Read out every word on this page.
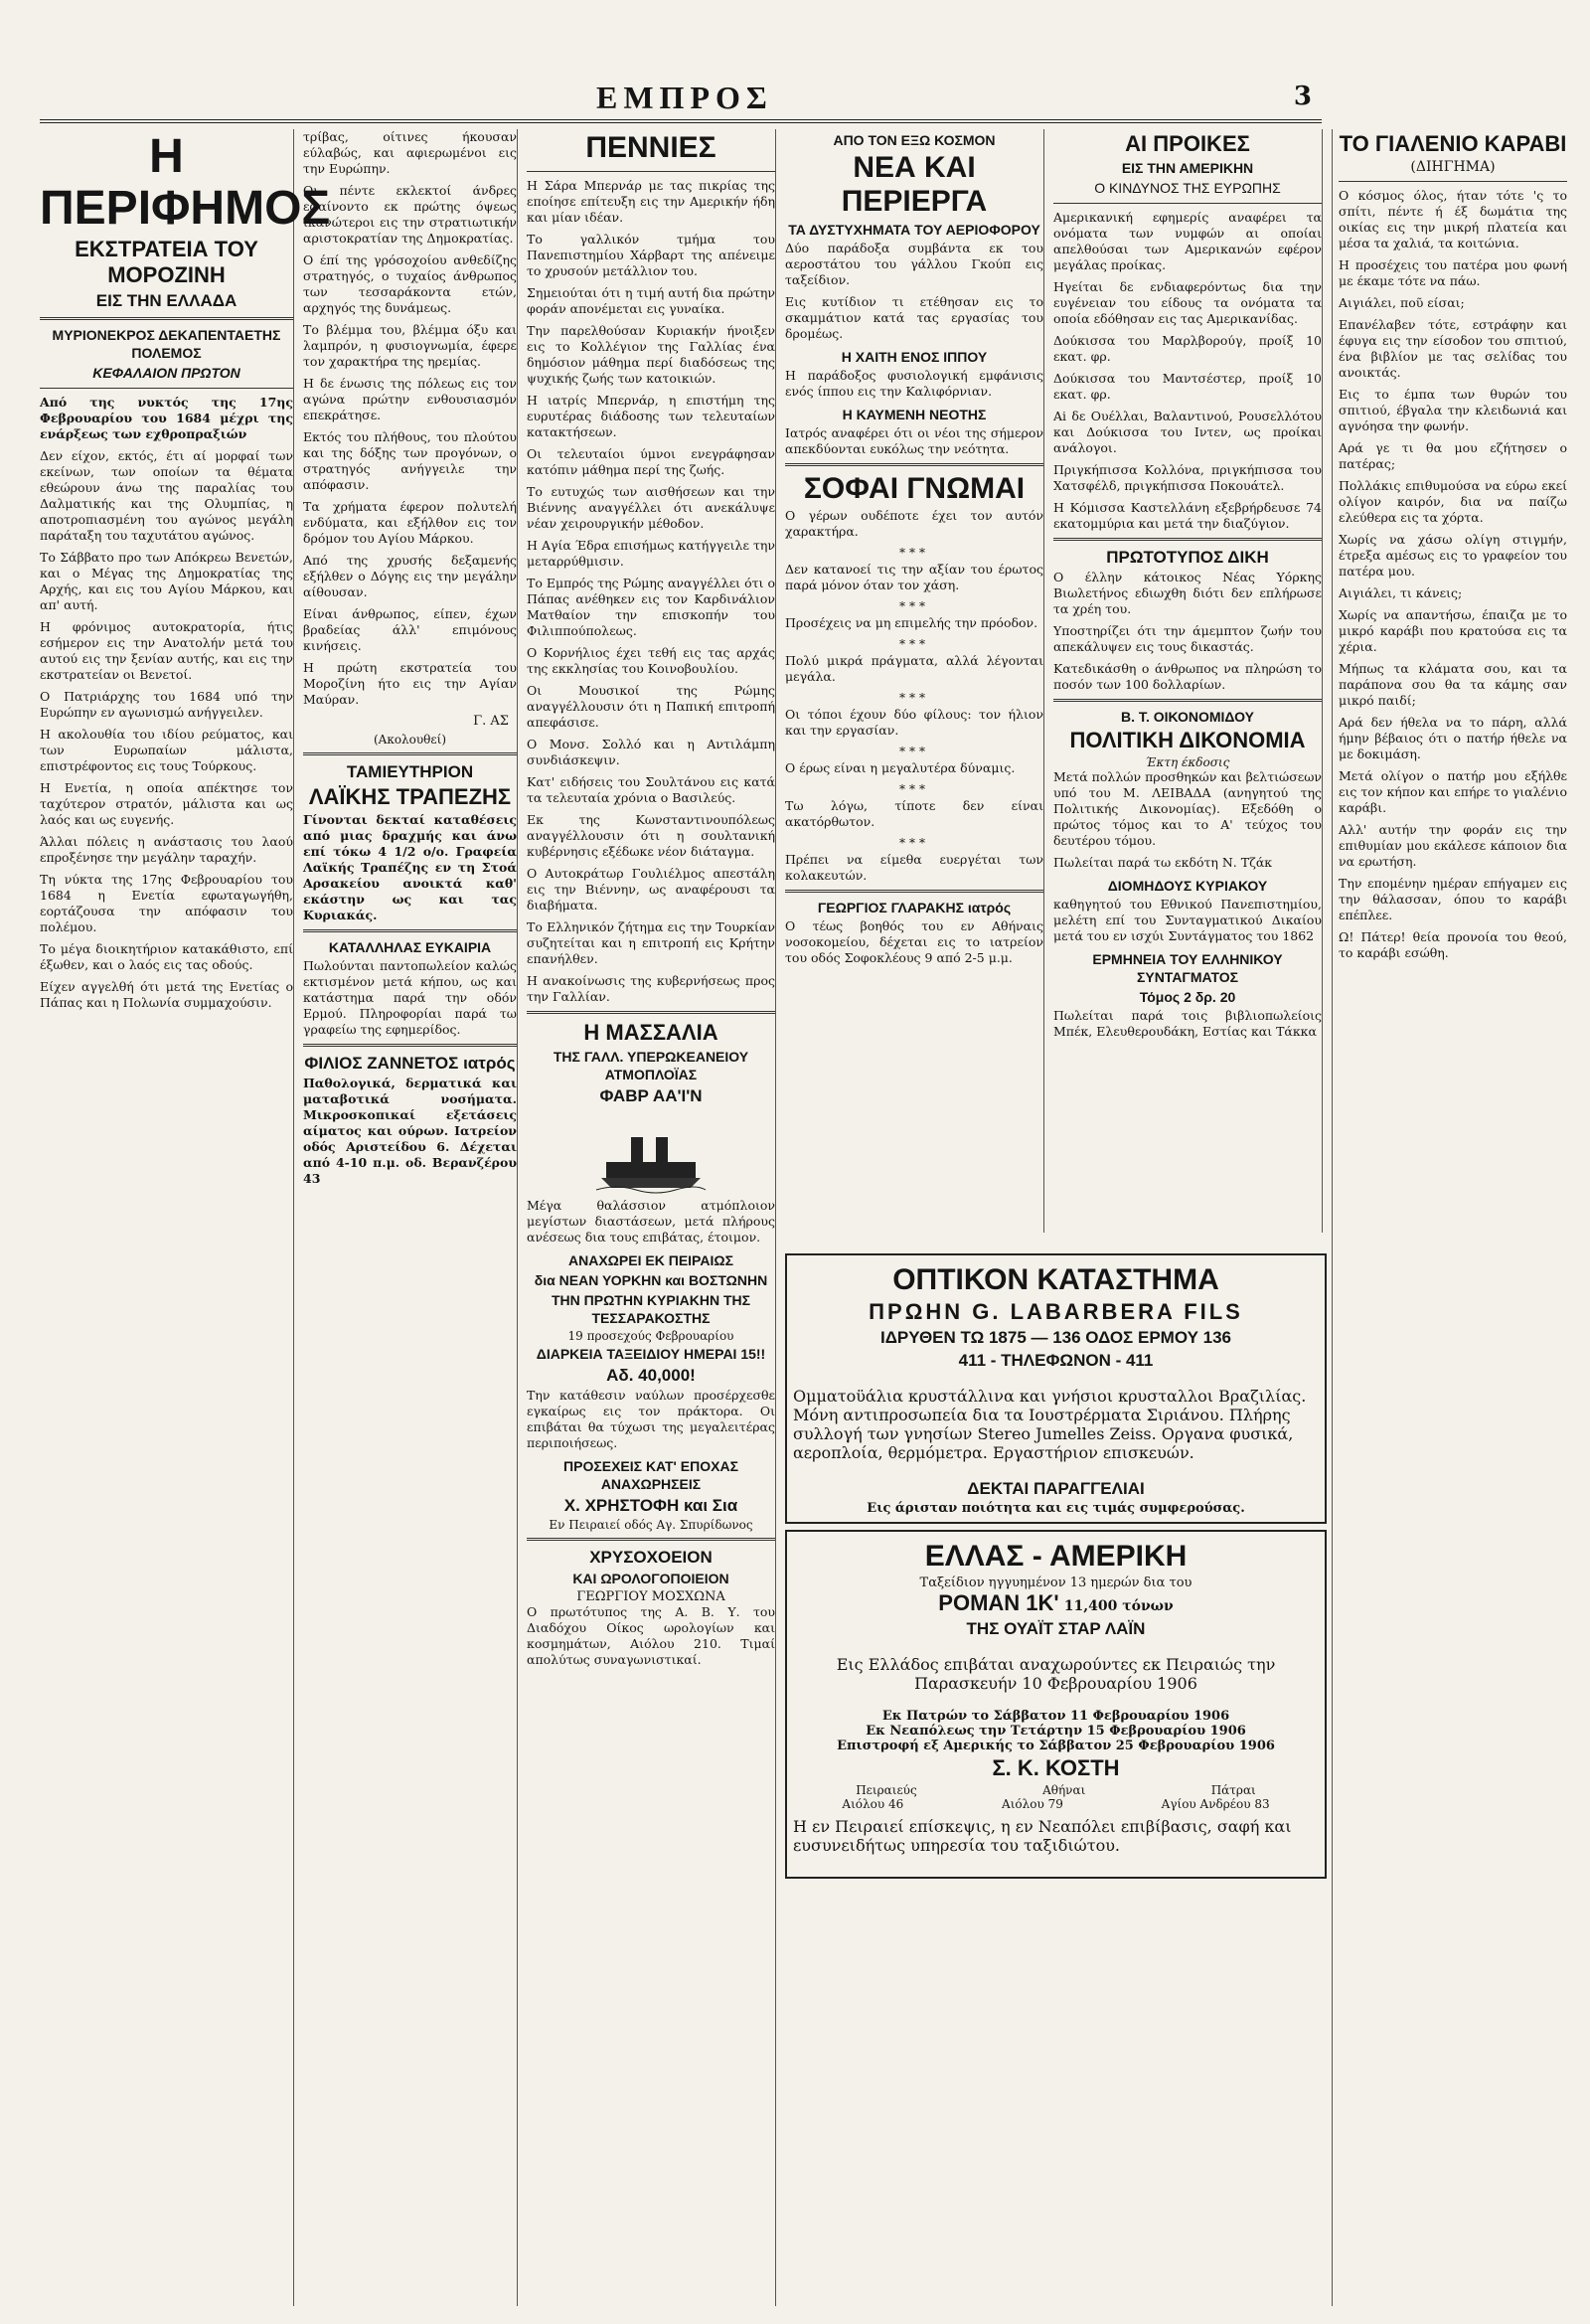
ΕΜΠΡΟΣ	3
Η ΠΕΡΙΦΗΜΟΣ
ΕΚΣΤΡΑΤΕΙΑ ΤΟΥ ΜΟΡΟΖΙΝΗ
ΕΙΣ ΤΗΝ ΕΛΛΑΔΑ
ΜΥΡΙΟΝΕΚΡΟΣ ΔΕΚΑΠΕΝΤΑΕΤΗΣ ΠΟΛΕΜΟΣ
ΚΕΦΑΛΑΙΟΝ ΠΡΩΤΟΝ

Από της νυκτός της 17ης Φεβρουαρίου του 1684 μέχρι της ενάρξεως των εχθροπραξιών

Δεν είχον, εκτός, έτι αί μορφαί των εκείνων, των οποίων τα θέματα εθεώρουν άνω της παραλίας του Δαλματικής και της Ολυμπίας, η αποτροπιασμένη του αγώνος μεγάλη παράταξη του ταχυτάτου αγώνος.

Το Σάββατο προ των Απόκρεω Βενετών, και ο Μέγας της Δημοκρατίας της Αρχής, και εις του Αγίου Μάρκου, και απ' αυτή.

Η φρόνιμος αυτοκρατορία, ήτις εσήμερον εις την Ανατολήν μετά του αυτού εις την ξενίαν αυτής, και εις την εκστρατείαν οι Βενετοί.

Ο Πατριάρχης του 1684 υπό την Ευρώπην εν αγωνισμώ ανήγγειλεν.

Η ακολουθία του ιδίου ρεύματος, και των Ευρωπαίων μάλιστα, επιστρέφοντος εις τους Τούρκους.

Η Ενετία, η οποία απέκτησε τον ταχύτερον στρατόν, μάλιστα και ως λαός και ως ευγενής.

Άλλαι πόλεις η ανάστασις του λαού επροξένησε την μεγάλην ταραχήν.

Τη νύκτα της 17ης Φεβρουαρίου του 1684 η Ενετία εφωταγωγήθη, εορτάζουσα την απόφασιν του πολέμου.

Το μέγα διοικητήριον κατακάθιστο, επί έξωθεν, και ο λαός εις τας οδούς.

Είχεν αγγελθή ότι μετά της Ενετίας ο Πάπας και η Πολωνία συμμαχούσιν.

τρίβας, οίτινες ήκουσαν εύλαβώς, και αφιερωμένοι εις την Ευρώπην.

Οι πέντε εκλεκτοί άνδρες εφαίνοντο εκ πρώτης όψεως ικανώτεροι εις την στρατιωτικήν αριστοκρατίαν της Δημοκρατίας.

Ο έπί της γρόσοχοίου ανθεδίζης στρατηγός, ο τυχαίος άνθρωπος των τεσσαράκοντα ετών, αρχηγός της δυνάμεως.

Το βλέμμα του, βλέμμα όξυ και λαμπρόν, η φυσιογνωμία, έφερε τον χαρακτήρα της ηρεμίας.

Η δε ένωσις της πόλεως εις τον αγώνα πρώτην ενθουσιασμόν επεκράτησε.

Εκτός του πλήθους, του πλούτου και της δόξης των προγόνων, ο στρατηγός ανήγγειλε την απόφασιν.

Τα χρήματα έφερον πολυτελή ενδύματα, και εξήλθον εις τον δρόμον του Αγίου Μάρκου.

Από της χρυσής δεξαμενής εξήλθεν ο Δόγης εις την μεγάλην αίθουσαν.

Είναι άνθρωπος, είπεν, έχων βραδείας άλλ' επιμόνους κινήσεις.

Η πρώτη εκστρατεία του Μοροζίνη ήτο εις την Αγίαν Μαύραν.

Γ. ΑΣ
(Ακολουθεί)
ΤΑΜΙΕΥΤΗΡΙΟΝ
ΛΑΪΚΗΣ ΤΡΑΠΕΖΗΣ

Γίνονται δεκταί καταθέσεις από μιας δραχμής και άνω επί τόκω 4 1/2 ο/ο. Γραφεία Λαϊκής Τραπέζης εν τη Στοά Αρσακείου ανοικτά καθ' εκάστην ως και τας Κυριακάς.

ΚΑΤΑΛΛΗΛΑΣ ΕΥΚΑΙΡΙΑ

Πωλούνται παντοπωλείον καλώς εκτισμένον μετά κήπου, ως και κατάστημα παρά την οδόν Ερμού. Πληροφορίαι παρά τω γραφείω της εφημερίδος.

ΦΙΛΙΟΣ ΖΑΝΝΕΤΟΣ ιατρός

Παθολογικά, δερματικά και ματαβοτικά νοσήματα. Μικροσκοπικαί εξετάσεις αίματος και ούρων. Ιατρείον οδός Αριστείδου 6. Δέχεται από 4-10 π.μ. οδ. Βερανζέρου 43

ΠΕΝΝΙΕΣ

Η Σάρα Μπερνάρ με τας πικρίας της εποίησε επίτευξη εις την Αμερικήν ήδη και μίαν ιδέαν.

Το γαλλικόν τμήμα του Πανεπιστημίου Χάρβαρτ της απένειμε το χρυσούν μετάλλιον του.

Σημειούται ότι η τιμή αυτή δια πρώτην φοράν απονέμεται εις γυναίκα.

Την παρελθούσαν Κυριακήν ήνοιξεν εις το Κολλέγιον της Γαλλίας ένα δημόσιον μάθημα περί διαδόσεως της ψυχικής ζωής των κατοικιών.

Η ιατρίς Μπερνάρ, η επιστήμη της ευρυτέρας διάδοσης των τελευταίων κατακτήσεων.

Οι τελευταίοι ύμνοι ενεγράφησαν κατόπιν μάθημα περί της ζωής.

Το ευτυχώς των αισθήσεων και την Βιέννης αναγγέλλει ότι ανεκάλυψε νέαν χειρουργικήν μέθοδον.

Η Αγία Έδρα επισήμως κατήγγειλε την μεταρρύθμισιν.

Το Εμπρός της Ρώμης αναγγέλλει ότι ο Πάπας ανέθηκεν εις τον Καρδινάλιον Ματθαίον την επισκοπήν του Φιλιππούπολεως.

Ο Κορνήλιος έχει τεθή εις τας αρχάς της εκκλησίας του Κοινοβουλίου.

Οι Μουσικοί της Ρώμης αναγγέλλουσιν ότι η Παπική επιτροπή απεφάσισε.

Ο Μονσ. Σολλό και η Αντιλάμπη συνδιάσκεψιν.

Κατ' ειδήσεις του Σουλτάνου εις κατά τα τελευταία χρόνια ο Βασιλεύς.

Εκ της Κωνσταντινουπόλεως αναγγέλλουσιν ότι η σουλτανική κυβέρνησις εξέδωκε νέον διάταγμα.

Ο Αυτοκράτωρ Γουλιέλμος απεστάλη εις την Βιέννην, ως αναφέρουσι τα διαβήματα.

Το Ελληνικόν ζήτημα εις την Τουρκίαν συζητείται και η επιτροπή εις Κρήτην επανήλθεν.

Η ανακοίνωσις της κυβερνήσεως προς την Γαλλίαν.

Η ΜΑΣΣΑΛΙΑ
ΤΗΣ ΓΑΛΛ. ΥΠΕΡΩΚΕΑΝΕΙΟΥ ΑΤΜΟΠΛΟΪΑΣ
ΦΑΒΡ ΑΑ'Ι'Ν

Μέγα θαλάσσιον ατμόπλοιον μεγίστων διαστάσεων, μετά πλήρους ανέσεως δια τους επιβάτας, έτοιμον.

ΑΝΑΧΩΡΕΙ ΕΚ ΠΕΙΡΑΙΩΣ
δια ΝΕΑΝ ΥΟΡΚΗΝ και ΒΟΣΤΩΝΗΝ
ΤΗΝ ΠΡΩΤΗΝ ΚΥΡΙΑΚΗΝ ΤΗΣ ΤΕΣΣΑΡΑΚΟΣΤΗΣ
19 προσεχούς Φεβρουαρίου
ΔΙΑΡΚΕΙΑ ΤΑΞΕΙΔΙΟΥ ΗΜΕΡΑΙ 15!!
Αδ. 40,000!

Την κατάθεσιν ναύλων προσέρχεσθε εγκαίρως εις τον πράκτορα. Οι επιβάται θα τύχωσι της μεγαλειτέρας περιποιήσεως.

ΠΡΟΣΕΧΕΙΣ ΚΑΤ' ΕΠΟΧΑΣ ΑΝΑΧΩΡΗΣΕΙΣ
Χ. ΧΡΗΣΤΟΦΗ και Σια
Εν Πειραιεί οδός Αγ. Σπυρίδωνος
ΧΡΥΣΟΧΟΕΙΟΝ
ΚΑΙ ΩΡΟΛΟΓΟΠΟΙΕΙΟΝ
ΓΕΩΡΓΙΟΥ ΜΟΣΧΩΝΑ

Ο πρωτότυπος της Α. Β. Υ. του Διαδόχου Οίκος ωρολογίων και κοσμημάτων, Αιόλου 210. Τιμαί απολύτως συναγωνιστικαί.

ΑΠΟ ΤΟΝ ΕΞΩ ΚΟΣΜΟΝ
ΝΕΑ ΚΑΙ ΠΕΡΙΕΡΓΑ
ΤΑ ΔΥΣΤΥΧΗΜΑΤΑ ΤΟΥ ΑΕΡΙΟΦΟΡΟΥ

Δύο παράδοξα συμβάντα εκ του αεροστάτου του γάλλου Γκούπ εις ταξείδιον.

Εις κυτίδιον τι ετέθησαν εις το σκαμμάτιον κατά τας εργασίας του δρομέως.

Η ΧΑΙΤΗ ΕΝΟΣ ΙΠΠΟΥ

Η παράδοξος φυσιολογική εμφάνισις ενός ίππου εις την Καλιφόρνιαν.

Η ΚΑΥΜΕΝΗ ΝΕΟΤΗΣ

Ιατρός αναφέρει ότι οι νέοι της σήμερον απεκδύονται ευκόλως την νεότητα.

ΣΟΦΑΙ ΓΝΩΜΑΙ

Ο γέρων ουδέποτε έχει τον αυτόν χαρακτήρα.

***

Δεν κατανοεί τις την αξίαν του έρωτος παρά μόνον όταν τον χάση.

***

Προσέχεις να μη επιμελής την πρόοδον.

***

Πολύ μικρά πράγματα, αλλά λέγονται μεγάλα.

***

Οι τόποι έχουν δύο φίλους: τον ήλιον και την εργασίαν.

***

Ο έρως είναι η μεγαλυτέρα δύναμις.

***

Τω λόγω, τίποτε δεν είναι ακατόρθωτον.

***

Πρέπει να είμεθα ευεργέται των κολακευτών.

ΓΕΩΡΓΙΟΣ ΓΛΑΡΑΚΗΣ ιατρός

Ο τέως βοηθός του εν Αθήναις νοσοκομείου, δέχεται εις το ιατρείον του οδός Σοφοκλέους 9 από 2-5 μ.μ.

ΑΙ ΠΡΟΙΚΕΣ
ΕΙΣ ΤΗΝ ΑΜΕΡΙΚΗΝ
Ο ΚΙΝΔΥΝΟΣ ΤΗΣ ΕΥΡΩΠΗΣ

Αμερικανική εφημερίς αναφέρει τα ονόματα των νυμφών αι οποίαι απελθούσαι των Αμερικανών εφέρον μεγάλας προίκας.

Ηγείται δε ενδιαφερόντως δια την ευγένειαν του είδους τα ονόματα τα οποία εδόθησαν εις τας Αμερικανίδας.

Δούκισσα του Μαρλβορούγ, προίξ 10 εκατ. φρ.

Δούκισσα του Μαντσέστερ, προίξ 10 εκατ. φρ.

Ai δε Ουέλλαι, Βαλαντινού, Ρουσελλότου και Δούκισσα του Ιντεν, ως προίκαι ανάλογοι.

Πριγκήπισσα Κολλόνα, πριγκήπισσα του Χατσφέλδ, πριγκήπισσα Ποκουάτελ.

Η Κόμισσα Καστελλάνη εξεβρήρδευσε 74 εκατομμύρια και μετά την διαζύγιον.

ΠΡΩΤΟΤΥΠΟΣ ΔΙΚΗ

Ο έλλην κάτοικος Νέας Υόρκης Βιωλετήνος εδιωχθη διότι δεν επλήρωσε τα χρέη του.

Υποστηρίζει ότι την άμεμπτον ζωήν του απεκάλυψεν εις τους δικαστάς.

Κατεδικάσθη ο άνθρωπος να πληρώση το ποσόν των 100 δολλαρίων.

Β. Τ. ΟΙΚΟΝΟΜΙΔΟΥ
ΠΟΛΙΤΙΚΗ ΔΙΚΟΝΟΜΙΑ
Έκτη έκδοσις

Μετά πολλών προσθηκών και βελτιώσεων υπό του Μ. ΛΕΙΒΑΔΑ (ανηγητού της Πολιτικής Δικονομίας). Εξεδόθη ο πρώτος τόμος και το Α' τεύχος του δευτέρου τόμου.

Πωλείται παρά τω εκδότη Ν. Τζάκ

ΔΙΟΜΗΔΟΥΣ ΚΥΡΙΑΚΟΥ

καθηγητού του Εθνικού Πανεπιστημίου, μελέτη επί του Συνταγματικού Δικαίου μετά του εν ισχύι Συντάγματος του 1862

ΕΡΜΗΝΕΙΑ ΤΟΥ ΕΛΛΗΝΙΚΟΥ ΣΥΝΤΑΓΜΑΤΟΣ
Τόμος 2 δρ. 20

Πωλείται παρά τοις βιβλιοπωλείοις Μπέκ, Ελευθερουδάκη, Εστίας και Τάκκα

ΟΠΤΙΚΟΝ ΚΑΤΑΣΤΗΜΑ
ΠΡΩΗΝ G. LABARBERA FILS
ΙΔΡΥΘΕΝ ΤΩ 1875 — 136 ΟΔΟΣ ΕΡΜΟΥ 136
411 - ΤΗΛΕΦΩΝΟΝ - 411

Ομματοϋάλια κρυστάλλινα και γνήσιοι κρυσταλλοι Βραζιλίας. Μόνη αντιπροσωπεία δια τα Ιουστρέρματα Σιριάνου. Πλήρης συλλογή των γνησίων Stereo Jumelles Zeiss. Οργανα φυσικά, αεροπλοία, θερμόμετρα. Εργαστήριον επισκευών.

ΔΕΚΤΑΙ ΠΑΡΑΓΓΕΛΙΑΙ
Εις άρισταν ποιότητα και εις τιμάς συμφερούσας.
ΕΛΛΑΣ - ΑΜΕΡΙΚΗ
Ταξείδιον ηγγυημένον 13 ημερών δια του
ΡΟΜΑΝ 1Κ' 11,400 τόνων
ΤΗΣ ΟΥΑΪΤ ΣΤΑΡ ΛΑΪΝ

Εις Ελλάδος επιβάται αναχωρούντες εκ Πειραιώς την Παρασκευήν 10 Φεβρουαρίου 1906

Εκ Πατρών το Σάββατον 11 Φεβρουαρίου 1906
Εκ Νεαπόλεως την Τετάρτην 15 Φεβρουαρίου 1906
Επιστροφή εξ Αμερικής το Σάββατον 25 Φεβρουαρίου 1906
Σ. Κ. ΚΟΣΤΗ
Πειραιεύς	Αθήναι	Πάτραι
Αιόλου 46	Αιόλου 79	Αγίου Ανδρέου 83

Η εν Πειραιεί επίσκεψις, η εν Νεαπόλει επιβίβασις, σαφή και ευσυνειδήτως υπηρεσία του ταξιδιώτου.

ΤΟ ΓΙΑΛΕΝΙΟ ΚΑΡΑΒΙ
(ΔΙΗΓΗΜΑ)

Ο κόσμος όλος, ήταν τότε 'ς το σπίτι, πέντε ή έξ δωμάτια της οικίας εις την μικρή πλατεία και μέσα τα χαλιά, τα κοιτώνια.

Η προσέχεις του πατέρα μου φωνή με έκαμε τότε να πάω.

Αιγιάλει, ποῦ είσαι;

Επανέλαβεν τότε, εστράφην και έφυγα εις την είσοδον του σπιτιού, ένα βιβλίον με τας σελίδας του ανοικτάς.

Εις το έμπα των θυρών του σπιτιού, έβγαλα την κλειδωνιά και αγνόησα την φωνήν.

Αρά γε τι θα μου εζήτησεν ο πατέρας;

Πολλάκις επιθυμούσα να εύρω εκεί ολίγον καιρόν, δια να παίζω ελεύθερα εις τα χόρτα.

Χωρίς να χάσω ολίγη στιγμήν, έτρεξα αμέσως εις το γραφείον του πατέρα μου.

Αιγιάλει, τι κάνεις;

Χωρίς να απαντήσω, έπαιζα με το μικρό καράβι που κρατούσα εις τα χέρια.

Μήπως τα κλάματα σου, και τα παράπονα σου θα τα κάμης σαν μικρό παιδί;

Αρά δεν ήθελα να το πάρη, αλλά ήμην βέβαιος ότι ο πατήρ ήθελε να με δοκιμάση.

Μετά ολίγον ο πατήρ μου εξήλθε εις τον κήπον και επήρε το γιαλένιο καράβι.

Αλλ' αυτήν την φοράν εις την επιθυμίαν μου εκάλεσε κάποιον δια να ερωτήση.

Την επομένην ημέραν επήγαμεν εις την θάλασσαν, όπου το καράβι επέπλεε.

Ω! Πάτερ! θεία προνοία του θεού, το καράβι εσώθη.
